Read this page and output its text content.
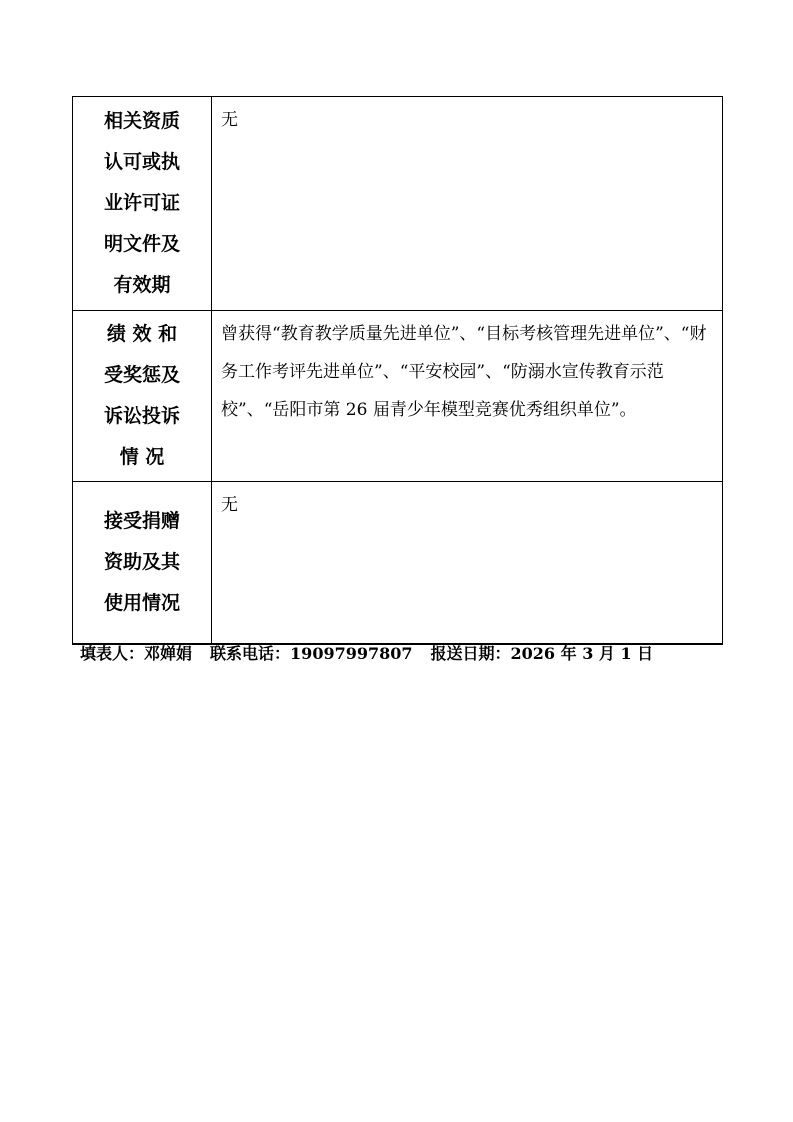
相关资质
认可或执
业许可证
明文件及
有效期	无

绩 效 和
受奖惩及
诉讼投诉
情 况	曾获得“教育教学质量先进单位”、“目标考核管理先进单位”、“财务工作考评先进单位”、“平安校园”、“防溺水宣传教育示范校”、“岳阳市第 26 届青少年模型竞赛优秀组织单位”。

接受捐赠
资助及其
使用情况	无
填表人：邓婵娟 联系电话：19097997807 报送日期：2026 年 3 月 1 日
